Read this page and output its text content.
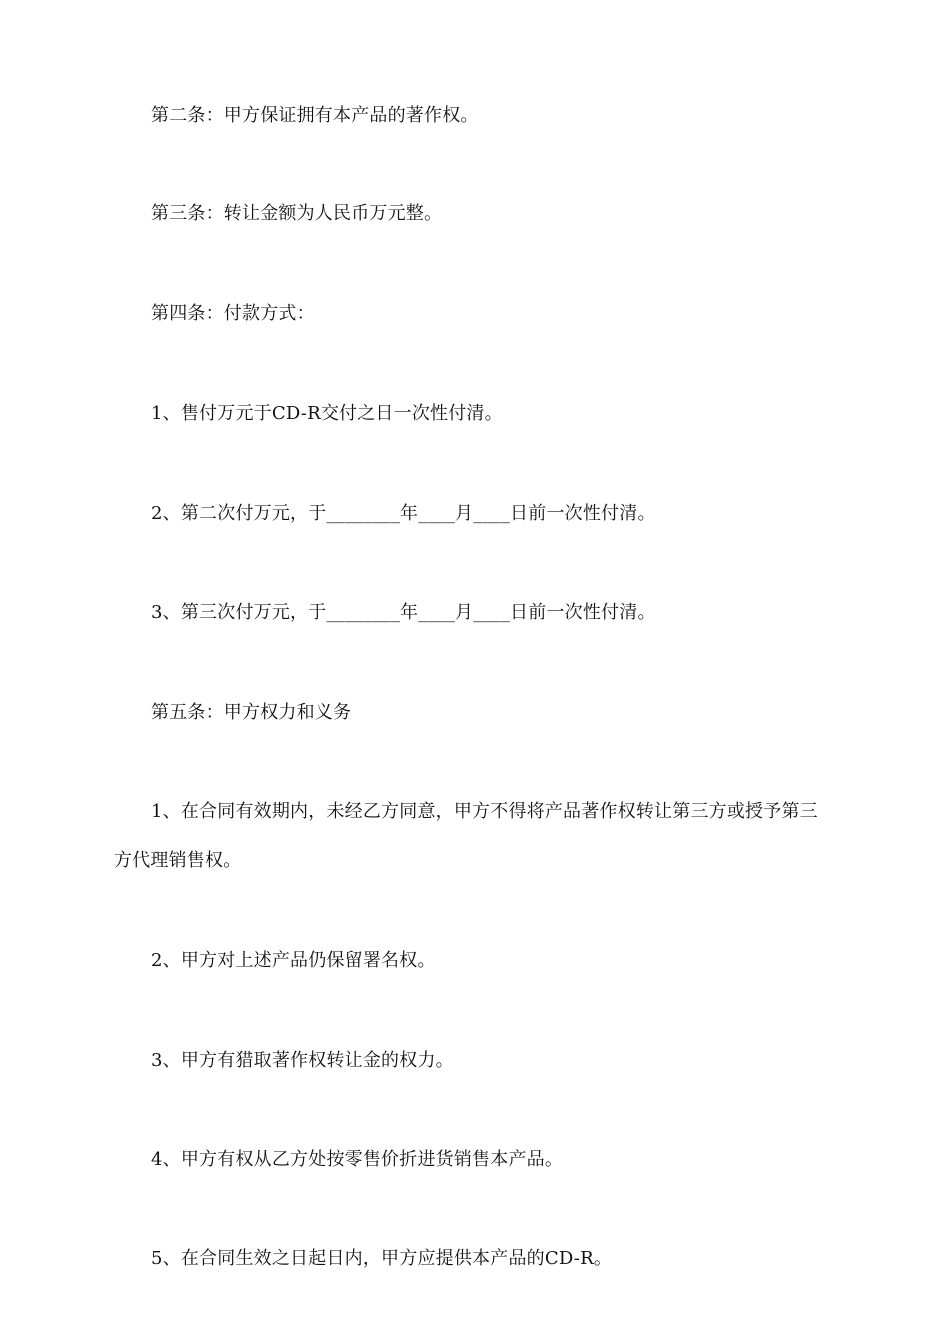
第二条：甲方保证拥有本产品的著作权。

第三条：转让金额为人民币万元整。

第四条：付款方式：

1、售付万元于CD-R交付之日一次性付清。

2、第二次付万元，于________年____月____日前一次性付清。

3、第三次付万元，于________年____月____日前一次性付清。

第五条：甲方权力和义务

1、在合同有效期内，未经乙方同意，甲方不得将产品著作权转让第三方或授予第三方代理销售权。

2、甲方对上述产品仍保留署名权。

3、甲方有猎取著作权转让金的权力。

4、甲方有权从乙方处按零售价折进货销售本产品。

5、在合同生效之日起日内，甲方应提供本产品的CD-R。
